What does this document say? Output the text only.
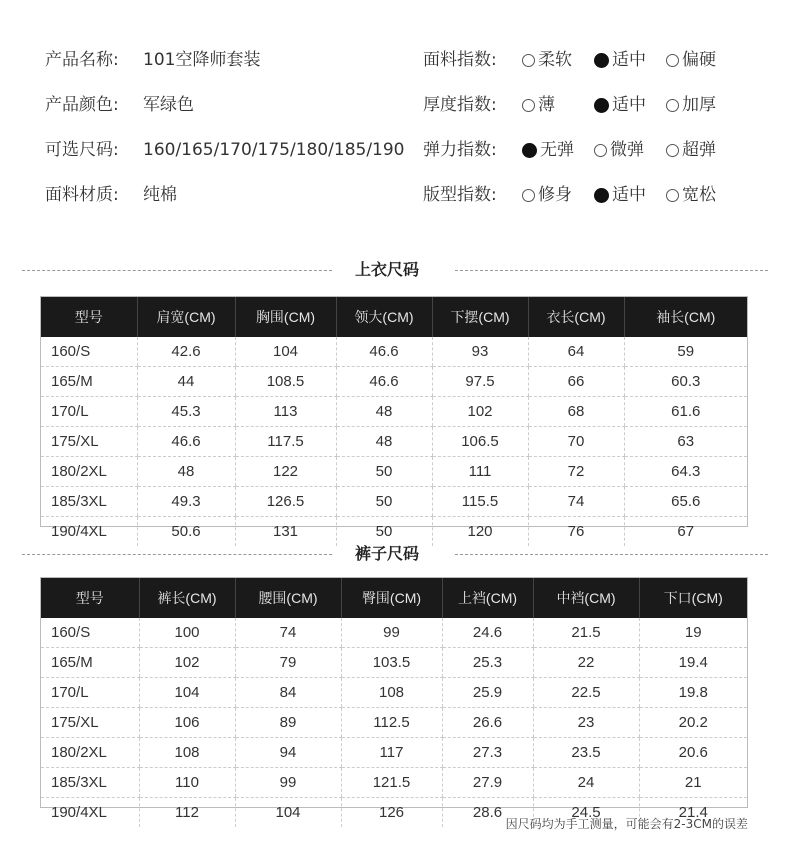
产品名称: 101空降师套装
产品颜色: 军绿色
可选尺码: 160/165/170/175/180/185/190
面料材质: 纯棉
面料指数: 柔软 适中 偏硬
厚度指数: 薄	适中 加厚
弹力指数:	无弹 微弹 超弹
版型指数: 修身 适中 宽松
上衣尺码
型号	肩宽(CM)	胸围(CM)	领大(CM)	下摆(CM)	衣长(CM)	袖长(CM)
160/S	42.6	104	46.6	93	64	59
165/M	44	108.5	46.6	97.5	66	60.3
170/L	45.3	113	48	102	68	61.6
175/XL	46.6	117.5	48	106.5	70	63
180/2XL	48	122	50	111	72	64.3
185/3XL	49.3	126.5	50	115.5	74	65.6
190/4XL	50.6	131	50	120	76	67
裤子尺码
型号	裤长(CM)	腰围(CM)	臀围(CM)	上裆(CM)	中裆(CM)	下口(CM)
160/S	100	74	99	24.6	21.5	19
165/M	102	79	103.5	25.3	22	19.4
170/L	104	84	108	25.9	22.5	19.8
175/XL	106	89	112.5	26.6	23	20.2
180/2XL	108	94	117	27.3	23.5	20.6
185/3XL	110	99	121.5	27.9	24	21
190/4XL	112	104	126	28.6	24.5	21.4
因尺码均为手工测量，可能会有2-3CM的误差
